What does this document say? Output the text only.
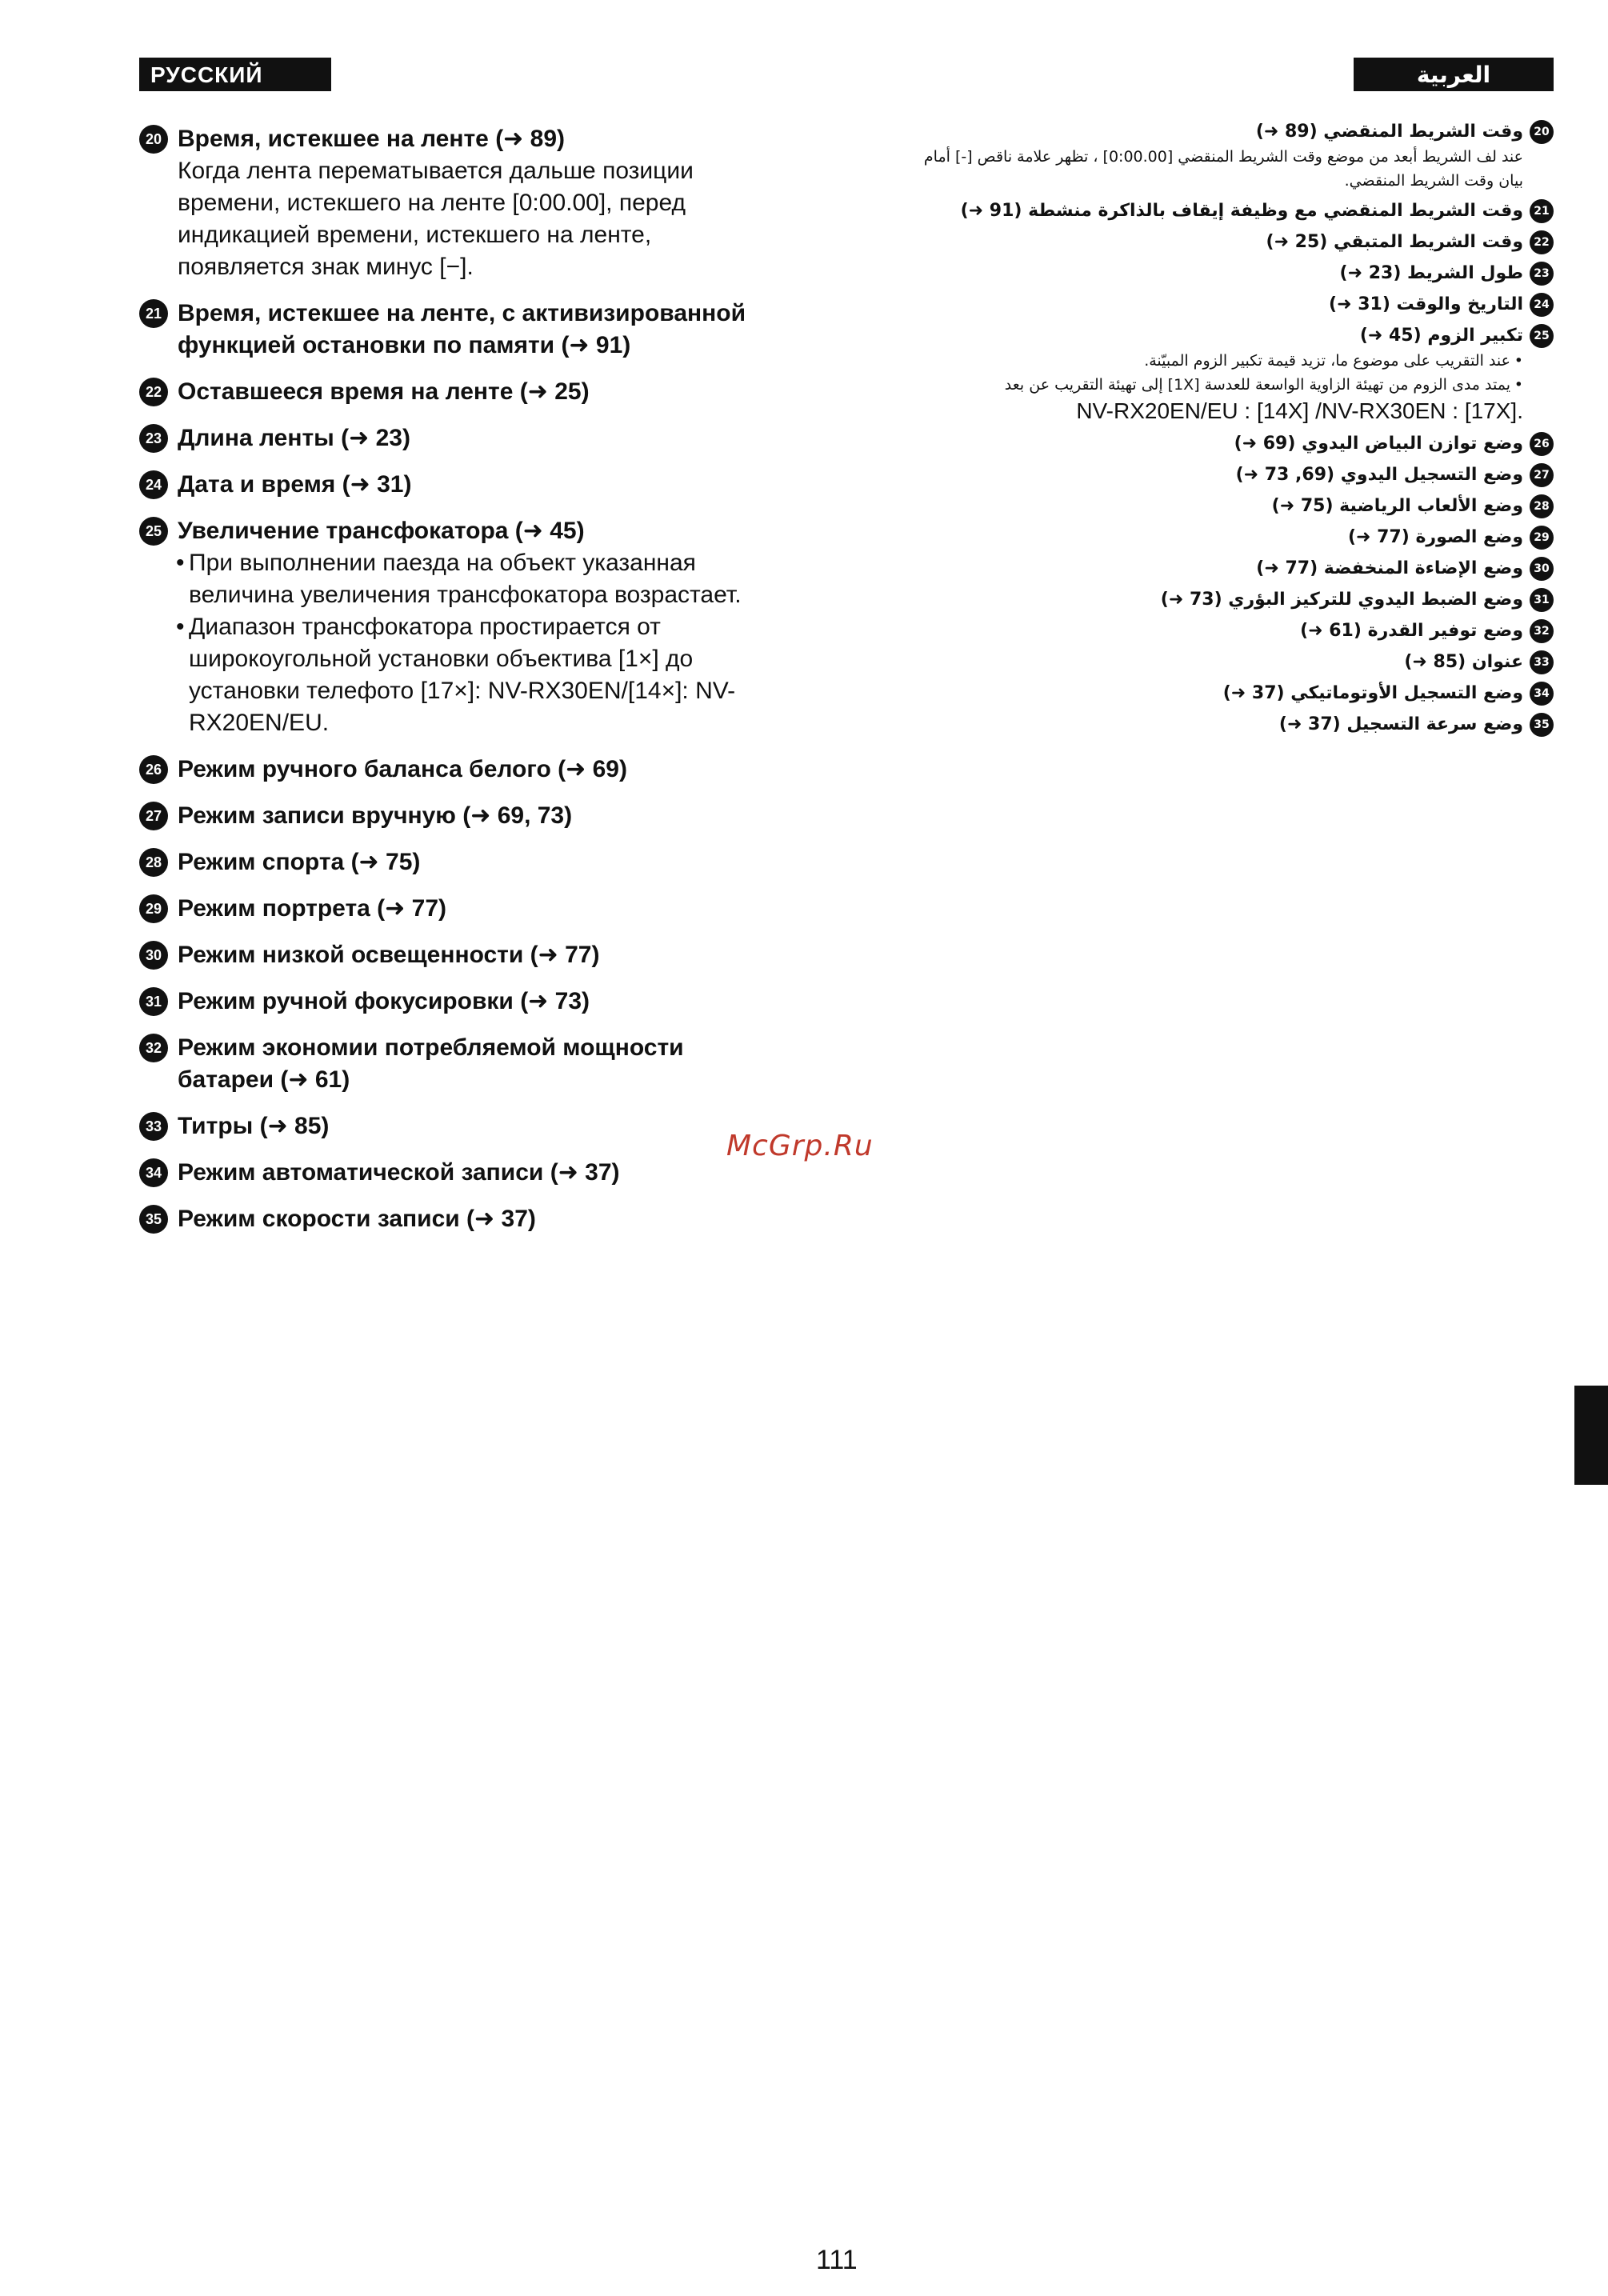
РУССКИЙ ЯЗЫК
العربية
20 Время, истекшее на ленте (➜ 89)
Когда лента перематывается дальше позиции времени, истекшего на ленте [0:00.00], перед индикацией времени, истекшего на ленте, появляется знак минус [−].
21 Время, истекшее на ленте, с активизированной функцией остановки по памяти (➜ 91)
22 Оставшееся время на ленте (➜ 25)
23 Длина ленты (➜ 23)
24 Дата и время (➜ 31)
25 Увеличение трансфокатора (➜ 45)
• При выполнении паезда на объект указанная величина увеличения трансфокатора возрастает.
• Диапазон трансфокатора простирается от широкоугольной установки объектива [1×] до установки телефото [17×]: NV-RX30EN/[14×]: NV-RX20EN/EU.
26 Режим ручного баланса белого (➜ 69)
27 Режим записи вручную (➜ 69, 73)
28 Режим спорта (➜ 75)
29 Режим портрета (➜ 77)
30 Режим низкой освещенности (➜ 77)
31 Режим ручной фокусировки (➜ 73)
32 Режим экономии потребляемой мощности батареи (➜ 61)
33 Титры (➜ 85)
34 Режим автоматической записи (➜ 37)
35 Режим скорости записи (➜ 37)
20
وقت الشريط المنقضي (89 ➜)
عند لف الشريط أبعد من موضع وقت الشريط المنقضي [0:00.00] ، تظهر علامة ناقص [-] أمام بيان وقت الشريط المنقضي.
21
وقت الشريط المنقضي مع وظيفة إيقاف بالذاكرة منشطة (91 ➜)
22
وقت الشريط المتبقي (25 ➜)
23
طول الشريط (23 ➜)
24
التاريخ والوقت (31 ➜)
25
تكبير الزوم (45 ➜)
• عند التقريب على موضوع ما، تزيد قيمة تكبير الزوم المبيّنة.
• يمتد مدى الزوم من تهيئة الزاوية الواسعة للعدسة [1X] إلى تهيئة التقريب عن بعد
NV-RX20EN/EU : [14X] /NV-RX30EN : [17X].
26
وضع توازن البياض اليدوي (69 ➜)
27
وضع التسجيل اليدوي (69, 73 ➜)
28
وضع الألعاب الرياضية (75 ➜)
29
وضع الصورة (77 ➜)
30
وضع الإضاءة المنخفضة (77 ➜)
31
وضع الضبط اليدوي للتركيز البؤري (73 ➜)
32
وضع توفير القدرة (61 ➜)
33
عنوان (85 ➜)
34
وضع التسجيل الأوتوماتيكي (37 ➜)
35
وضع سرعة التسجيل (37 ➜)
McGrp.Ru
111
